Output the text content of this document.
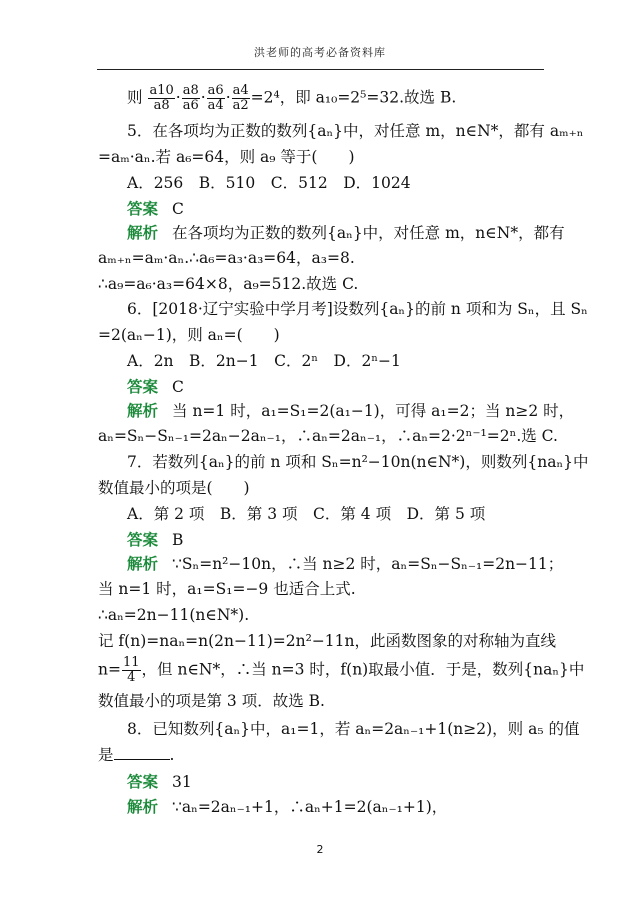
洪老师的高考必备资料库
则 $\frac{a10}{a8} \cdot \frac{a8}{a6} \cdot \frac{a6}{a4} \cdot \frac{a4}{a2} =2^4$，即 a₁₀=2⁵=32.故选 B.
5．在各项均为正数的数列{aₙ}中，对任意 m，n∈N*，都有 aₘ₊ₙ
=aₘ·aₙ.若 a₆=64，则 a₉ 等于(　　)
A．256　B．510　C．512　D．1024
答案 C
解析 在各项均为正数的数列{aₙ}中，对任意 m，n∈N*，都有
aₘ₊ₙ=aₘ·aₙ.∴a₆=a₃·a₃=64，a₃=8.
∴a₉=a₆·a₃=64×8，a₉=512.故选 C.
6．[2018·辽宁实验中学月考]设数列{aₙ}的前 n 项和为 Sₙ，且 Sₙ
=2(aₙ−1)，则 aₙ=(　　)
A．2n　B．2n−1　C．2ⁿ　D．2ⁿ−1
答案 C
解析 当 n=1 时，a₁=S₁=2(a₁−1)，可得 a₁=2；当 n≥2 时，
aₙ=Sₙ−Sₙ₋₁=2aₙ−2aₙ₋₁，∴aₙ=2aₙ₋₁，∴aₙ=2·2ⁿ⁻¹=2ⁿ.选 C.
7．若数列{aₙ}的前 n 项和 Sₙ=n²−10n(n∈N*)，则数列{naₙ}中
数值最小的项是(　　)
A．第 2 项　B．第 3 项　C．第 4 项　D．第 5 项
答案 B
解析 ∵Sₙ=n²−10n，∴当 n≥2 时，aₙ=Sₙ−Sₙ₋₁=2n−11；
当 n=1 时，a₁=S₁=−9 也适合上式.
∴aₙ=2n−11(n∈N*).
记 f(n)=naₙ=n(2n−11)=2n²−11n，此函数图象的对称轴为直线
$n= \frac{11}{4}$ ，但 n∈N*，∴当 n=3 时，f(n)取最小值．于是，数列{naₙ}中
数值最小的项是第 3 项．故选 B.
8．已知数列{aₙ}中，a₁=1，若 aₙ=2aₙ₋₁+1(n≥2)，则 a₅ 的值
是	.
答案 31
解析 ∵aₙ=2aₙ₋₁+1，∴aₙ+1=2(aₙ₋₁+1)，
2
